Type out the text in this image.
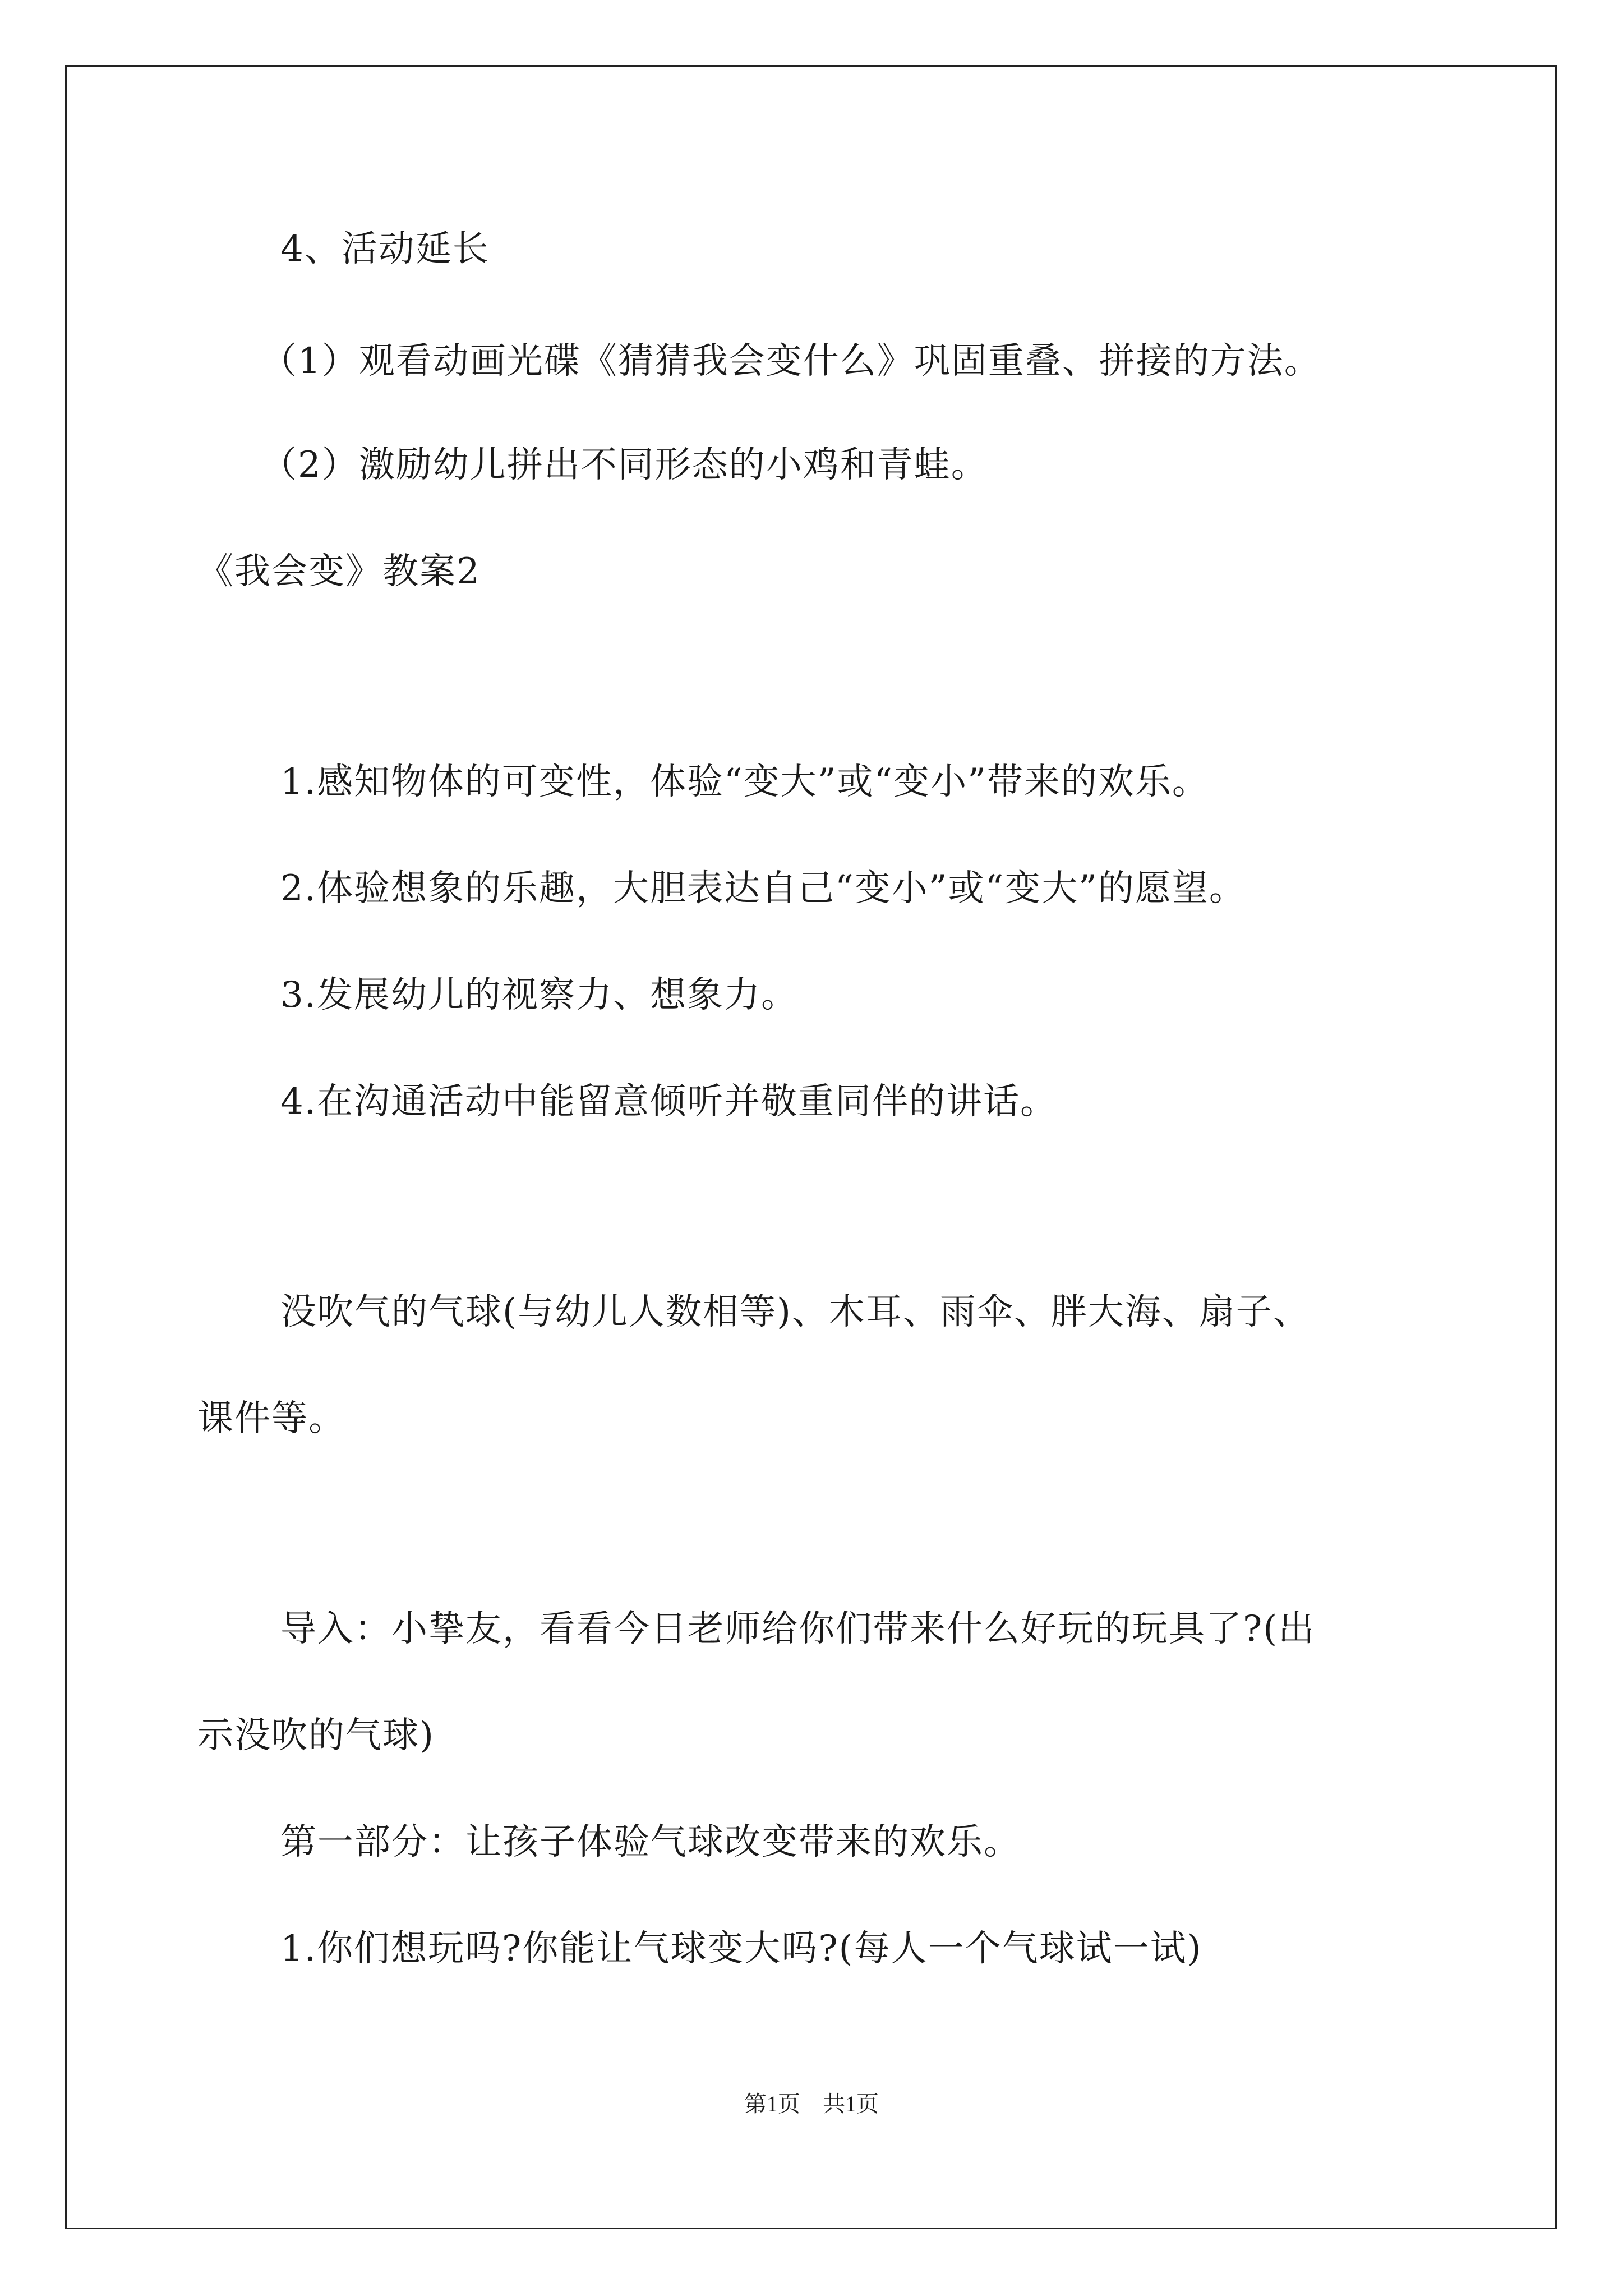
4、活动延长
（1）观看动画光碟《猜猜我会变什么》巩固重叠、拼接的方法。
（2）激励幼儿拼出不同形态的小鸡和青蛙。
《我会变》教案2
1.感知物体的可变性，体验“变大”或“变小”带来的欢乐。
2.体验想象的乐趣，大胆表达自己“变小”或“变大”的愿望。
3.发展幼儿的视察力、想象力。
4.在沟通活动中能留意倾听并敬重同伴的讲话。
没吹气的气球(与幼儿人数相等)、木耳、雨伞、胖大海、扇子、
课件等。
导入：小挚友，看看今日老师给你们带来什么好玩的玩具了?(出
示没吹的气球)
第一部分：让孩子体验气球改变带来的欢乐。
1.你们想玩吗?你能让气球变大吗?(每人一个气球试一试)
第1页　共1页
